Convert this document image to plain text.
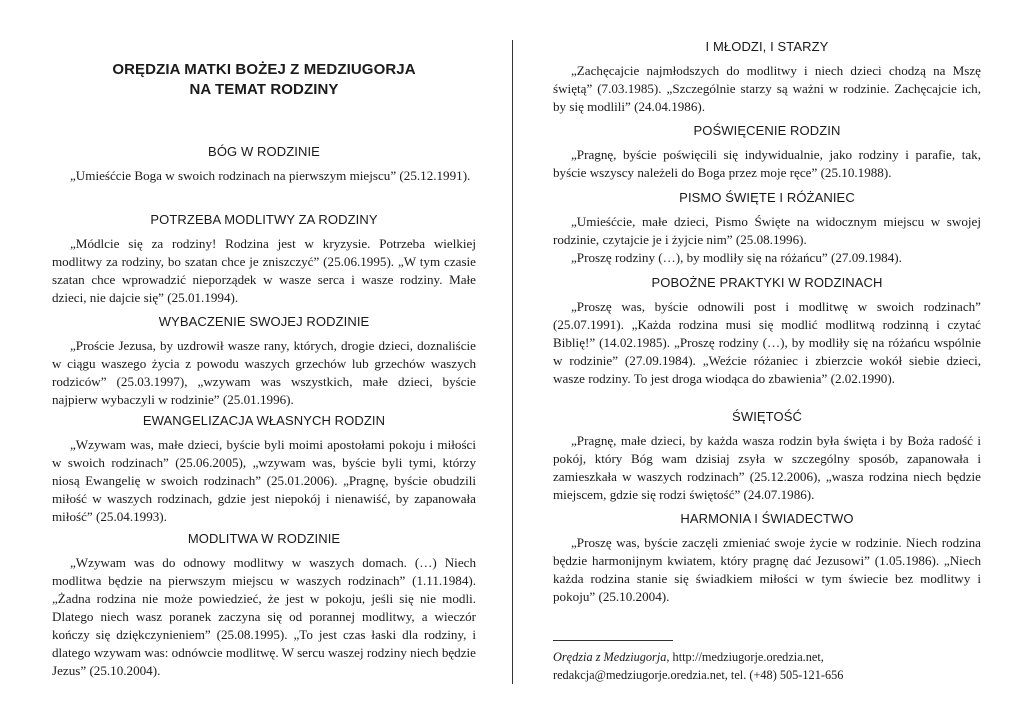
ORĘDZIA MATKI BOŻEJ Z MEDZIUGORJA
NA TEMAT RODZINY
BÓG W RODZINIE

„Umieśćcie Boga w swoich rodzinach na pierwszym miejscu” (25.12.1991).

POTRZEBA MODLITWY ZA RODZINY

„Módlcie się za rodziny! Rodzina jest w kryzysie. Potrzeba wielkiej modlitwy za rodziny, bo szatan chce je zniszczyć” (25.06.1995). „W tym czasie szatan chce wprowadzić nieporządek w wasze serca i wasze rodziny. Małe dzieci, nie dajcie się” (25.01.1994).

WYBACZENIE SWOJEJ RODZINIE

„Proście Jezusa, by uzdrowił wasze rany, których, drogie dzieci, doznaliście w ciągu waszego życia z powodu waszych grzechów lub grzechów waszych rodziców” (25.03.1997), „wzywam was wszystkich, małe dzieci, byście najpierw wybaczyli w rodzinie” (25.01.1996).

EWANGELIZACJA WŁASNYCH RODZIN

„Wzywam was, małe dzieci, byście byli moimi apostołami pokoju i miłości w swoich rodzinach” (25.06.2005), „wzywam was, byście byli tymi, którzy niosą Ewangelię w swoich rodzinach” (25.01.2006). „Pragnę, byście obudzili miłość w waszych rodzinach, gdzie jest niepokój i nienawiść, by zapanowała miłość” (25.04.1993).

MODLITWA W RODZINIE

„Wzywam was do odnowy modlitwy w waszych domach. (…) Niech modlitwa będzie na pierwszym miejscu w waszych rodzinach” (1.11.1984). „Żadna rodzina nie może powiedzieć, że jest w pokoju, jeśli się nie modli. Dlatego niech wasz poranek zaczyna się od porannej modlitwy, a wieczór kończy się dziękczynieniem” (25.08.1995). „To jest czas łaski dla rodziny, i dlatego wzywam was: odnówcie modlitwę. W sercu waszej rodziny niech będzie Jezus” (25.10.2004).

I MŁODZI, I STARZY

„Zachęcajcie najmłodszych do modlitwy i niech dzieci chodzą na Mszę świętą” (7.03.1985). „Szczególnie starzy są ważni w rodzinie. Zachęcajcie ich, by się modlili” (24.04.1986).

POŚWIĘCENIE RODZIN

„Pragnę, byście poświęcili się indywidualnie, jako rodziny i parafie, tak, byście wszyscy należeli do Boga przez moje ręce” (25.10.1988).

PISMO ŚWIĘTE I RÓŻANIEC

„Umieśćcie, małe dzieci, Pismo Święte na widocznym miejscu w swojej rodzinie, czytajcie je i żyjcie nim” (25.08.1996).

„Proszę rodziny (…), by modliły się na różańcu” (27.09.1984).

POBOŻNE PRAKTYKI W RODZINACH

„Proszę was, byście odnowili post i modlitwę w swoich rodzinach” (25.07.1991). „Każda rodzina musi się modlić modlitwą rodzinną i czytać Biblię!” (14.02.1985). „Proszę rodziny (…), by modliły się na różańcu wspólnie w rodzinie” (27.09.1984). „Weźcie różaniec i zbierzcie wokół siebie dzieci, wasze rodziny. To jest droga wiodąca do zbawienia” (2.02.1990).

ŚWIĘTOŚĆ

„Pragnę, małe dzieci, by każda wasza rodzin była święta i by Boża radość i pokój, który Bóg wam dzisiaj zsyła w szczególny sposób, zapanowała i zamieszkała w waszych rodzinach” (25.12.2006), „wasza rodzina niech będzie miejscem, gdzie się rodzi świętość” (24.07.1986).

HARMONIA I ŚWIADECTWO

„Proszę was, byście zaczęli zmieniać swoje życie w rodzinie. Niech rodzina będzie harmonijnym kwiatem, który pragnę dać Jezusowi” (1.05.1986). „Niech każda rodzina stanie się świadkiem miłości w tym świecie bez modlitwy i pokoju” (25.10.2004).

Orędzia z Medziugorja, http://medziugorje.oredzia.net,
redakcja@medziugorje.oredzia.net, tel. (+48) 505-121-656
